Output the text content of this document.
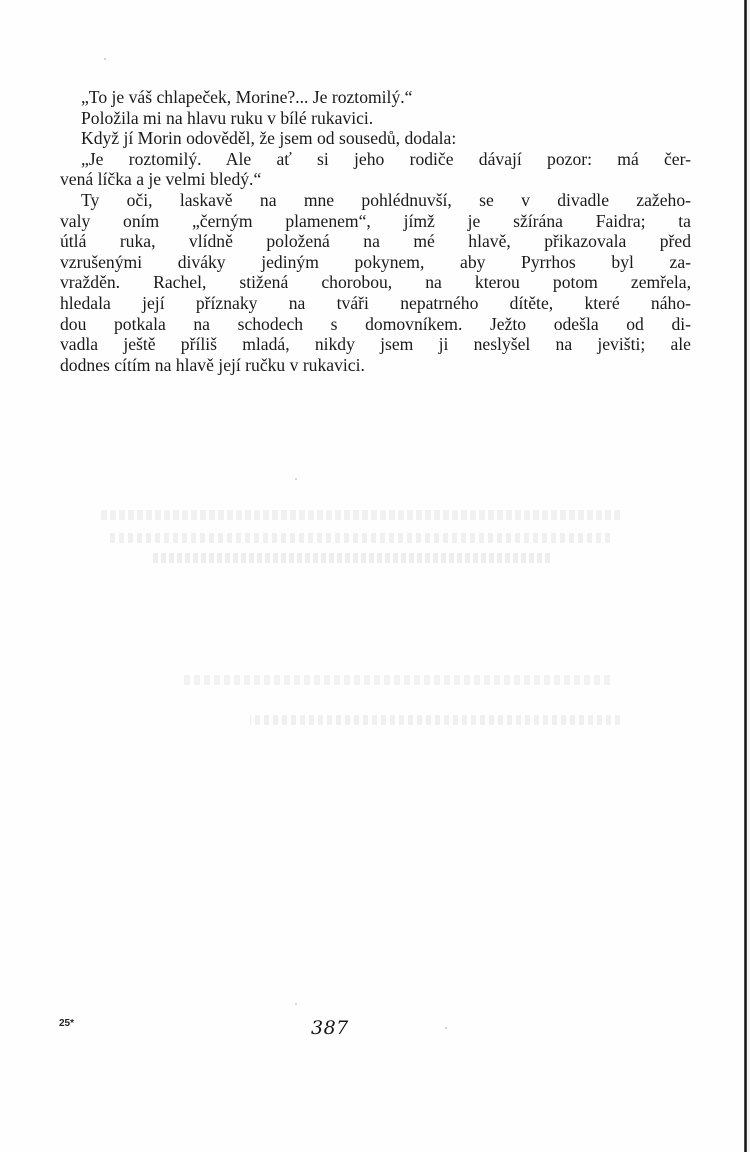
„To je váš chlapeček, Morine?... Je roztomilý.“
Položila mi na hlavu ruku v bílé rukavici.
Když jí Morin odověděl, že jsem od sousedů, dodala:
„Je roztomilý. Ale ať si jeho rodiče dávají pozor: má čer-
vená líčka a je velmi bledý.“
Ty oči, laskavě na mne pohlédnuvší, se v divadle zažeho-
valy oním „černým plamenem“, jímž je sžírána Faidra; ta
útlá ruka, vlídně položená na mé hlavě, přikazovala před
vzrušenými diváky jediným pokynem, aby Pyrrhos byl za-
vražděn. Rachel, stižená chorobou, na kterou potom zemřela,
hledala její příznaky na tváři nepatrného dítěte, které náho-
dou potkala na schodech s domovníkem. Ježto odešla od di-
vadla ještě příliš mladá, nikdy jsem ji neslyšel na jevišti; ale
dodnes cítím na hlavě její ručku v rukavici.
25*	387
